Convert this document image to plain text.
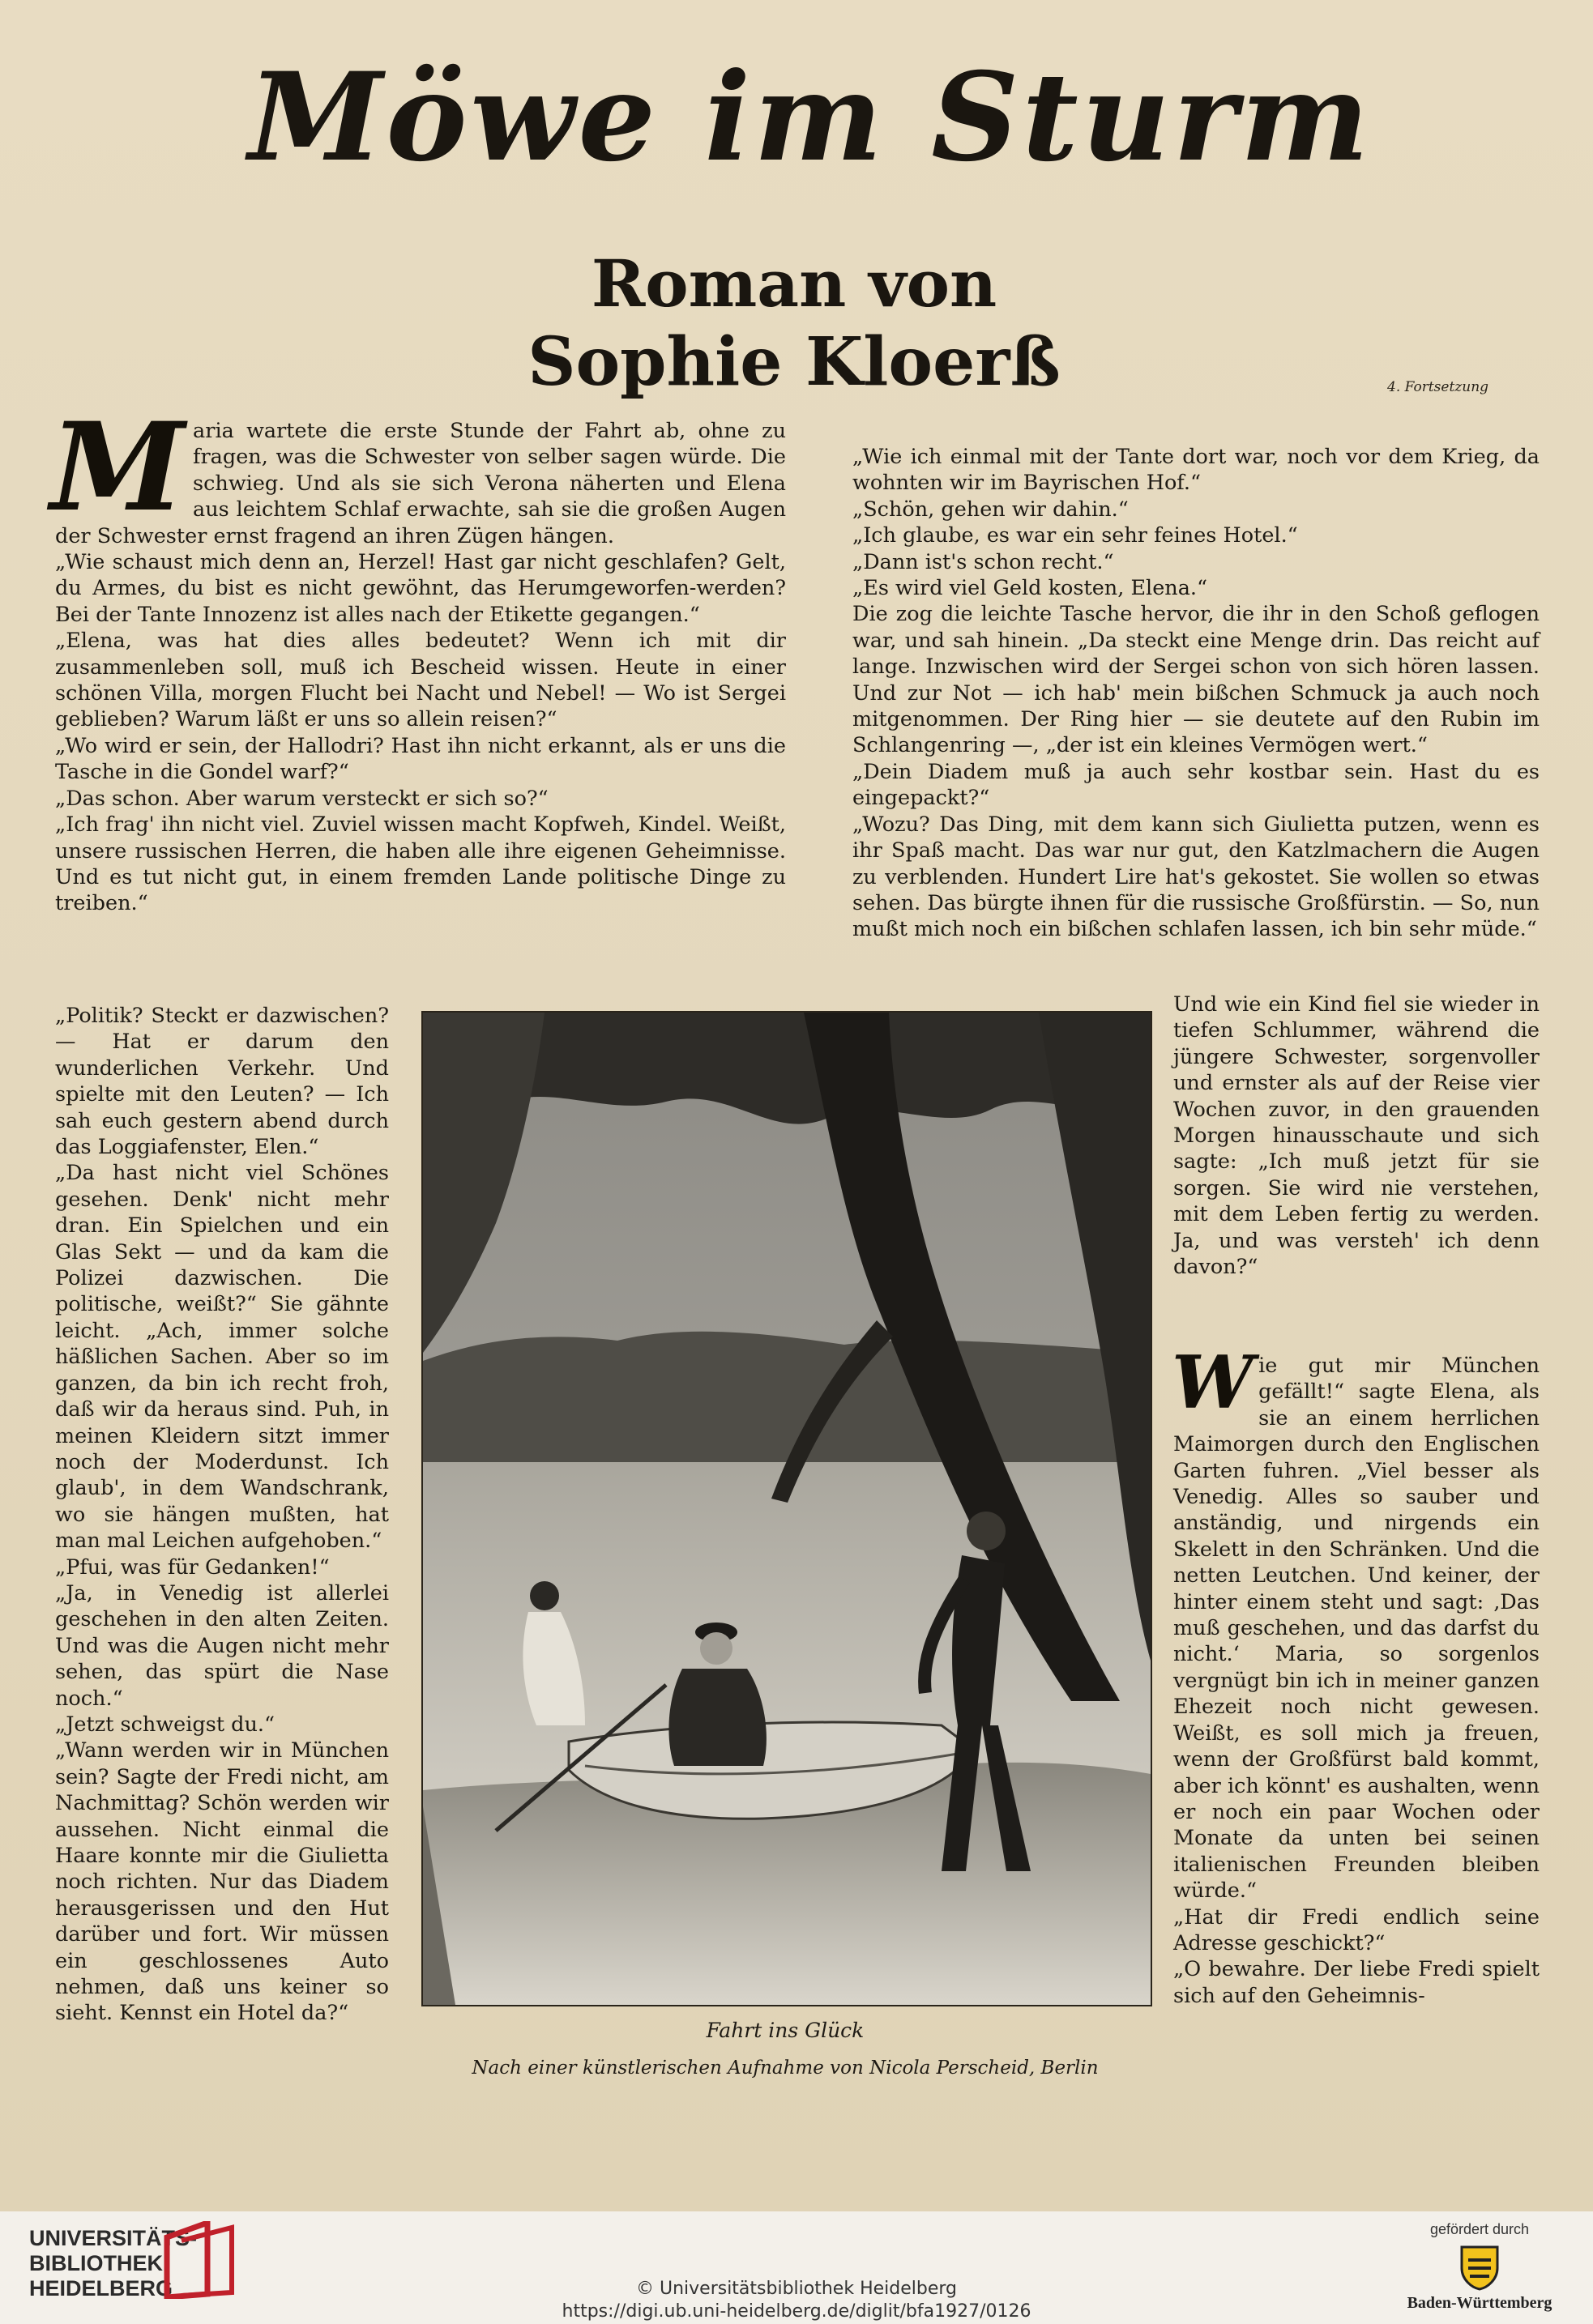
Möwe im Sturm
Roman von
Sophie Kloerß	4. Fortsetzung

Maria wartete die erste Stunde der Fahrt ab, ohne zu fragen, was die Schwester von selber sagen würde. Die schwieg. Und als sie sich Verona näherten und Elena aus leichtem Schlaf erwachte, sah sie die großen Augen der Schwester ernst fragend an ihren Zügen hängen.

„Wie schaust mich denn an, Herzel! Hast gar nicht geschlafen? Gelt, du Armes, du bist es nicht gewöhnt, das Herumgeworfen-werden? Bei der Tante Innozenz ist alles nach der Etikette gegangen.“

„Elena, was hat dies alles bedeutet? Wenn ich mit dir zusammenleben soll, muß ich Bescheid wissen. Heute in einer schönen Villa, morgen Flucht bei Nacht und Nebel! — Wo ist Sergei geblieben? Warum läßt er uns so allein reisen?“

„Wo wird er sein, der Hallodri? Hast ihn nicht erkannt, als er uns die Tasche in die Gondel warf?“

„Das schon. Aber warum versteckt er sich so?“

„Ich frag' ihn nicht viel. Zuviel wissen macht Kopfweh, Kindel. Weißt, unsere russischen Herren, die haben alle ihre eigenen Geheimnisse. Und es tut nicht gut, in einem fremden Lande politische Dinge zu treiben.“

„Politik? Steckt er dazwischen? — Hat er darum den wunderlichen Verkehr. Und spielte mit den Leuten? — Ich sah euch gestern abend durch das Loggiafenster, Elen.“

„Da hast nicht viel Schönes gesehen. Denk' nicht mehr dran. Ein Spielchen und ein Glas Sekt — und da kam die Polizei dazwischen. Die politische, weißt?“ Sie gähnte leicht. „Ach, immer solche häßlichen Sachen. Aber so im ganzen, da bin ich recht froh, daß wir da heraus sind. Puh, in meinen Kleidern sitzt immer noch der Moderdunst. Ich glaub', in dem Wandschrank, wo sie hängen mußten, hat man mal Leichen aufgehoben.“

„Pfui, was für Gedanken!“

„Ja, in Venedig ist allerlei geschehen in den alten Zeiten. Und was die Augen nicht mehr sehen, das spürt die Nase noch.“

„Jetzt schweigst du.“

„Wann werden wir in München sein? Sagte der Fredi nicht, am Nachmittag? Schön werden wir aussehen. Nicht einmal die Haare konnte mir die Giulietta noch richten. Nur das Diadem herausgerissen und den Hut darüber und fort. Wir müssen ein geschlossenes Auto nehmen, daß uns keiner so sieht. Kennst ein Hotel da?“

„Wie ich einmal mit der Tante dort war, noch vor dem Krieg, da wohnten wir im Bayrischen Hof.“

„Schön, gehen wir dahin.“

„Ich glaube, es war ein sehr feines Hotel.“

„Dann ist's schon recht.“

„Es wird viel Geld kosten, Elena.“

Die zog die leichte Tasche hervor, die ihr in den Schoß geflogen war, und sah hinein. „Da steckt eine Menge drin. Das reicht auf lange. Inzwischen wird der Sergei schon von sich hören lassen. Und zur Not — ich hab' mein bißchen Schmuck ja auch noch mitgenommen. Der Ring hier — sie deutete auf den Rubin im Schlangenring —, „der ist ein kleines Vermögen wert.“

„Dein Diadem muß ja auch sehr kostbar sein. Hast du es eingepackt?“

„Wozu? Das Ding, mit dem kann sich Giulietta putzen, wenn es ihr Spaß macht. Das war nur gut, den Katzlmachern die Augen zu verblenden. Hundert Lire hat's gekostet. Sie wollen so etwas sehen. Das bürgte ihnen für die russische Großfürstin. — So, nun mußt mich noch ein bißchen schlafen lassen, ich bin sehr müde.“

Und wie ein Kind fiel sie wieder in tiefen Schlummer, während die jüngere Schwester, sorgenvoller und ernster als auf der Reise vier Wochen zuvor, in den grauenden Morgen hinausschaute und sich sagte: „Ich muß jetzt für sie sorgen. Sie wird nie verstehen, mit dem Leben fertig zu werden. Ja, und was versteh' ich denn davon?“

Wie gut mir München gefällt!“ sagte Elena, als sie an einem herrlichen Maimorgen durch den Englischen Garten fuhren. „Viel besser als Venedig. Alles so sauber und anständig, und nirgends ein Skelett in den Schränken. Und die netten Leutchen. Und keiner, der hinter einem steht und sagt: ‚Das muß geschehen, und das darfst du nicht.‘ Maria, so sorgenlos vergnügt bin ich in meiner ganzen Ehezeit noch nicht gewesen. Weißt, es soll mich ja freuen, wenn der Großfürst bald kommt, aber ich könnt' es aushalten, wenn er noch ein paar Wochen oder Monate da unten bei seinen italienischen Freunden bleiben würde.“

„Hat dir Fredi endlich seine Adresse geschickt?“

„O bewahre. Der liebe Fredi spielt sich auf den Geheimnis-

Fahrt ins Glück
Nach einer künstlerischen Aufnahme von Nicola Perscheid, Berlin
UNIVERSITÄTS-
BIBLIOTHEK
HEIDELBERG	© Universitätsbibliothek Heidelberg
https://digi.ub.uni-heidelberg.de/diglit/bfa1927/0126
gefördert durch
Baden-Württemberg
